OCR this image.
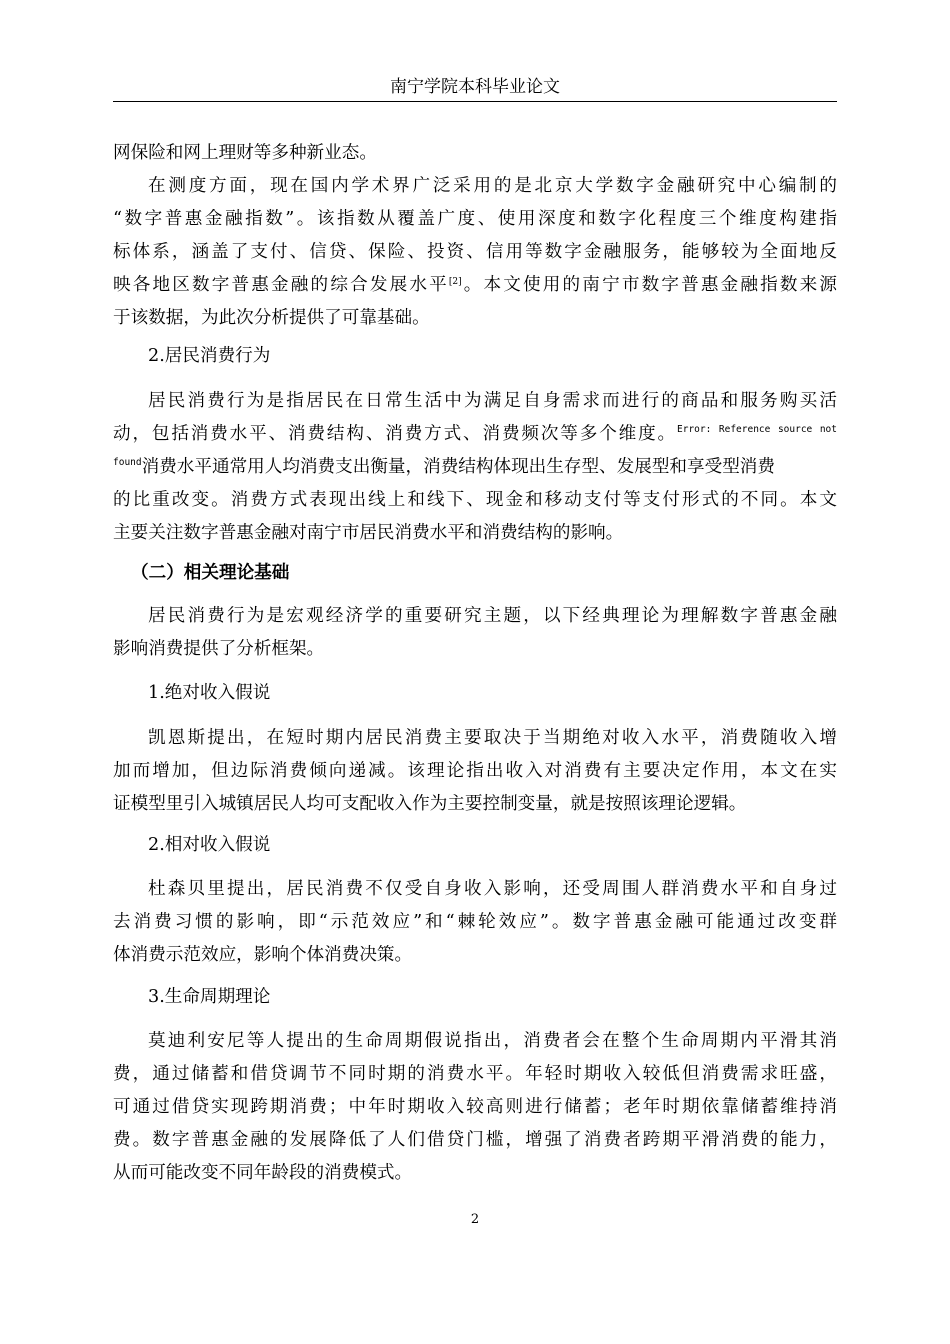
南宁学院本科毕业论文
网保险和网上理财等多种新业态。
在测度方面，现在国内学术界广泛采用的是北京大学数字金融研究中心编制的
“数字普惠金融指数”。该指数从覆盖广度、使用深度和数字化程度三个维度构建指
标体系，涵盖了支付、信贷、保险、投资、信用等数字金融服务，能够较为全面地反
映各地区数字普惠金融的综合发展水平[2]。本文使用的南宁市数字普惠金融指数来源
于该数据，为此次分析提供了可靠基础。
2.居民消费行为
居民消费行为是指居民在日常生活中为满足自身需求而进行的商品和服务购买活
动，包括消费水平、消费结构、消费方式、消费频次等多个维度。$^{Error: Reference source not}$
$^{found}$消费水平通常用人均消费支出衡量，消费结构体现出生存型、发展型和享受型消费
的比重改变。消费方式表现出线上和线下、现金和移动支付等支付形式的不同。本文
主要关注数字普惠金融对南宁市居民消费水平和消费结构的影响。
（二）相关理论基础
居民消费行为是宏观经济学的重要研究主题，以下经典理论为理解数字普惠金融
影响消费提供了分析框架。
1.绝对收入假说
凯恩斯提出，在短时期内居民消费主要取决于当期绝对收入水平，消费随收入增
加而增加，但边际消费倾向递减。该理论指出收入对消费有主要决定作用，本文在实
证模型里引入城镇居民人均可支配收入作为主要控制变量，就是按照该理论逻辑。
2.相对收入假说
杜森贝里提出，居民消费不仅受自身收入影响，还受周围人群消费水平和自身过
去消费习惯的影响，即“示范效应”和“棘轮效应”。数字普惠金融可能通过改变群
体消费示范效应，影响个体消费决策。
3.生命周期理论
莫迪利安尼等人提出的生命周期假说指出，消费者会在整个生命周期内平滑其消
费，通过储蓄和借贷调节不同时期的消费水平。年轻时期收入较低但消费需求旺盛，
可通过借贷实现跨期消费；中年时期收入较高则进行储蓄；老年时期依靠储蓄维持消
费。数字普惠金融的发展降低了人们借贷门槛，增强了消费者跨期平滑消费的能力，
从而可能改变不同年龄段的消费模式。
2
